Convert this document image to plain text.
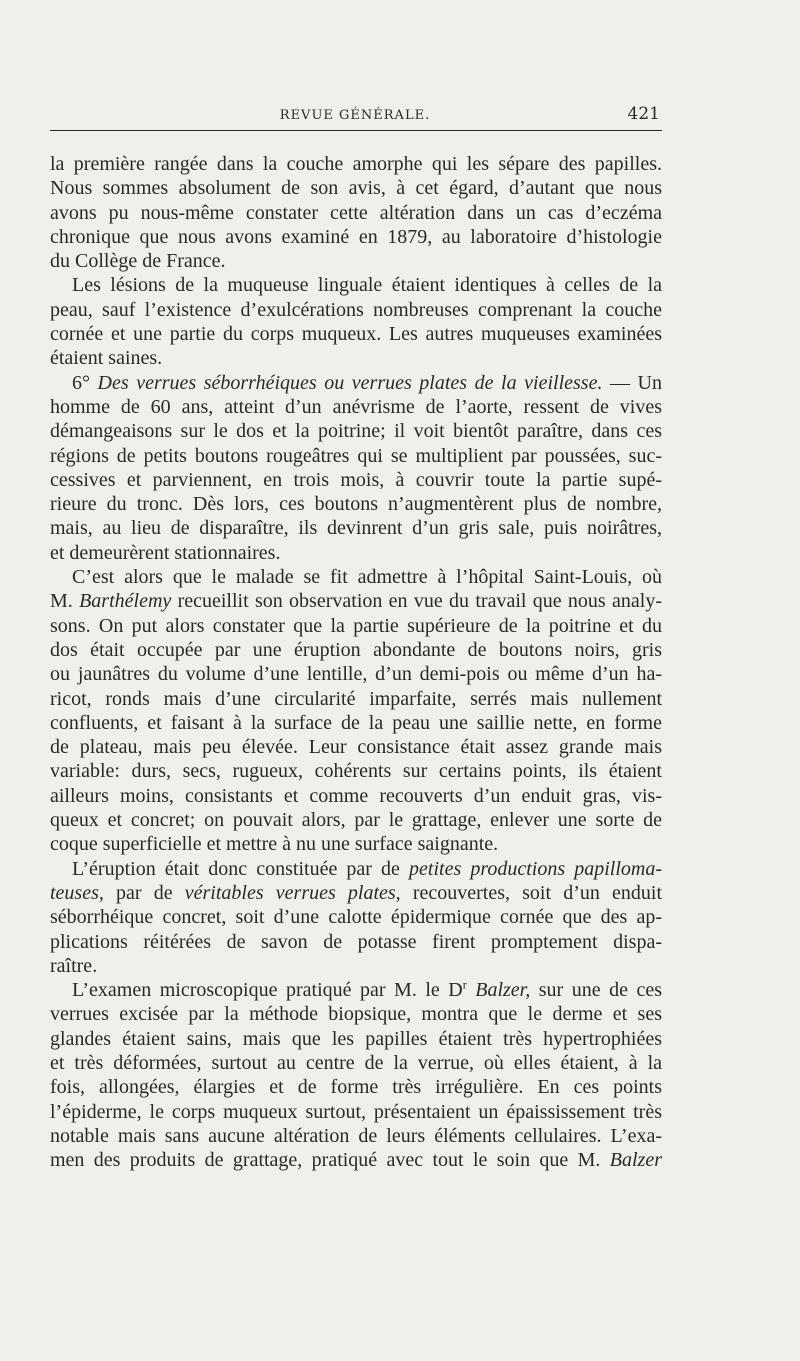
REVUE GÉNÉRALE.	421
la première rangée dans la couche amorphe qui les sépare des papilles.
Nous sommes absolument de son avis, à cet égard, d’autant que nous
avons pu nous-même constater cette altération dans un cas d’eczéma
chronique que nous avons examiné en 1879, au laboratoire d’histologie
du Collège de France.
Les lésions de la muqueuse linguale étaient identiques à celles de la
peau, sauf l’existence d’exulcérations nombreuses comprenant la couche
cornée et une partie du corps muqueux. Les autres muqueuses examinées
étaient saines.
6° Des verrues séborrhéiques ou verrues plates de la vieillesse. — Un
homme de 60 ans, atteint d’un anévrisme de l’aorte, ressent de vives
démangeaisons sur le dos et la poitrine; il voit bientôt paraître, dans ces
régions de petits boutons rougeâtres qui se multiplient par poussées, suc-
cessives et parviennent, en trois mois, à couvrir toute la partie supé-
rieure du tronc. Dès lors, ces boutons n’augmentèrent plus de nombre,
mais, au lieu de disparaître, ils devinrent d’un gris sale, puis noirâtres,
et demeurèrent stationnaires.
C’est alors que le malade se fit admettre à l’hôpital Saint-Louis, où
M. Barthélemy recueillit son observation en vue du travail que nous analy-
sons. On put alors constater que la partie supérieure de la poitrine et du
dos était occupée par une éruption abondante de boutons noirs, gris
ou jaunâtres du volume d’une lentille, d’un demi-pois ou même d’un ha-
ricot, ronds mais d’une circularité imparfaite, serrés mais nullement
confluents, et faisant à la surface de la peau une saillie nette, en forme
de plateau, mais peu élevée. Leur consistance était assez grande mais
variable: durs, secs, rugueux, cohérents sur certains points, ils étaient
ailleurs moins, consistants et comme recouverts d’un enduit gras, vis-
queux et concret; on pouvait alors, par le grattage, enlever une sorte de
coque superficielle et mettre à nu une surface saignante.
L’éruption était donc constituée par de petites productions papilloma-
teuses, par de véritables verrues plates, recouvertes, soit d’un enduit
séborrhéique concret, soit d’une calotte épidermique cornée que des ap-
plications réitérées de savon de potasse firent promptement dispa-
raître.
L’examen microscopique pratiqué par M. le $D^r$ Balzer, sur une de ces
verrues excisée par la méthode biopsique, montra que le derme et ses
glandes étaient sains, mais que les papilles étaient très hypertrophiées
et très déformées, surtout au centre de la verrue, où elles étaient, à la
fois, allongées, élargies et de forme très irrégulière. En ces points
l’épiderme, le corps muqueux surtout, présentaient un épaississement très
notable mais sans aucune altération de leurs éléments cellulaires. L’exa-
men des produits de grattage, pratiqué avec tout le soin que M. Balzer
